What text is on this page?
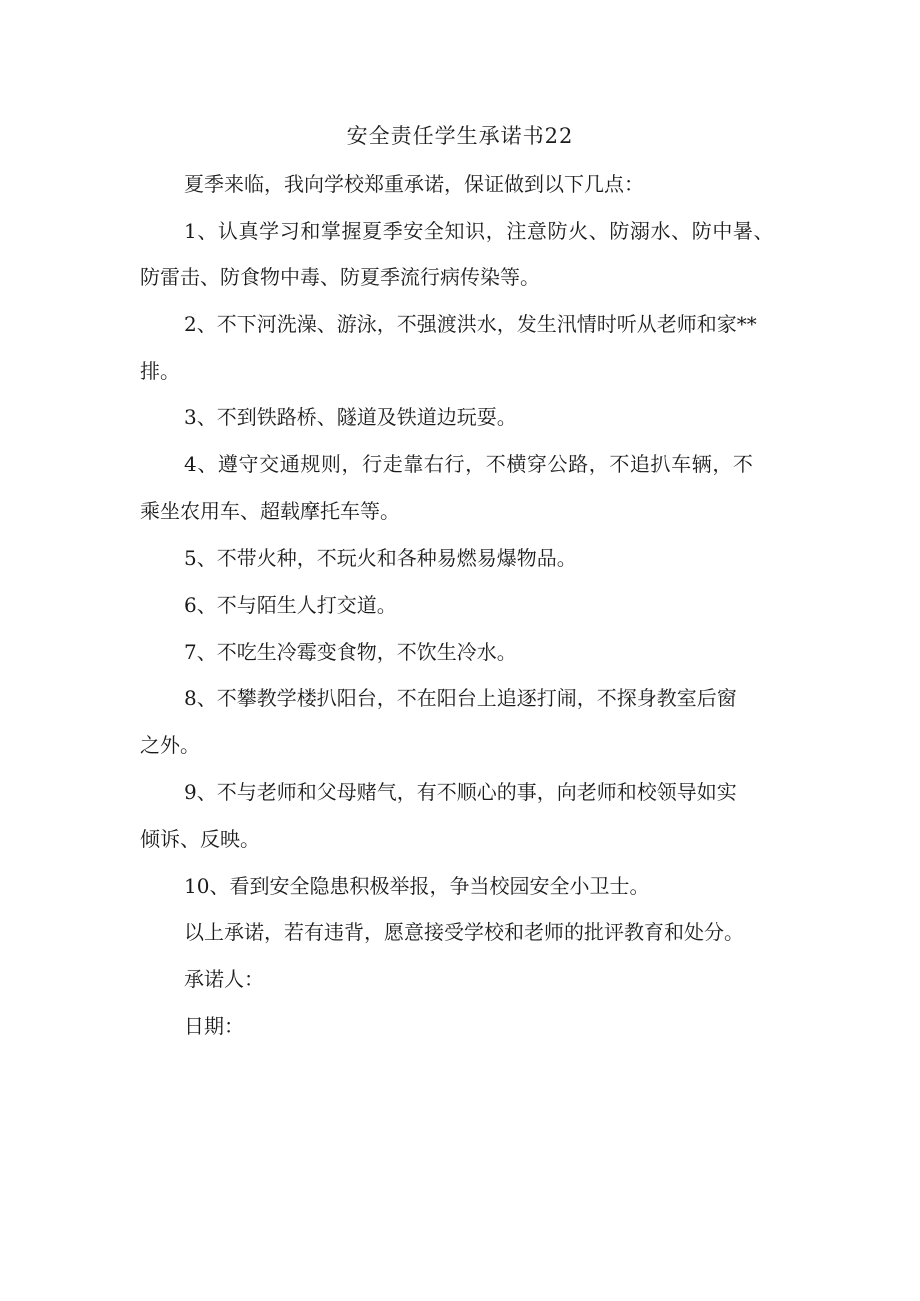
安全责任学生承诺书22
夏季来临，我向学校郑重承诺，保证做到以下几点：
1、认真学习和掌握夏季安全知识，注意防火、防溺水、防中暑、
防雷击、防食物中毒、防夏季流行病传染等。
2、不下河洗澡、游泳，不强渡洪水，发生汛情时听从老师和家**
排。
3、不到铁路桥、隧道及铁道边玩耍。
4、遵守交通规则，行走靠右行，不横穿公路，不追扒车辆，不
乘坐农用车、超载摩托车等。
5、不带火种，不玩火和各种易燃易爆物品。
6、不与陌生人打交道。
7、不吃生冷霉变食物，不饮生冷水。
8、不攀教学楼扒阳台，不在阳台上追逐打闹，不探身教室后窗
之外。
9、不与老师和父母赌气，有不顺心的事，向老师和校领导如实
倾诉、反映。
10、看到安全隐患积极举报，争当校园安全小卫士。
以上承诺，若有违背，愿意接受学校和老师的批评教育和处分。
承诺人：
日期：
